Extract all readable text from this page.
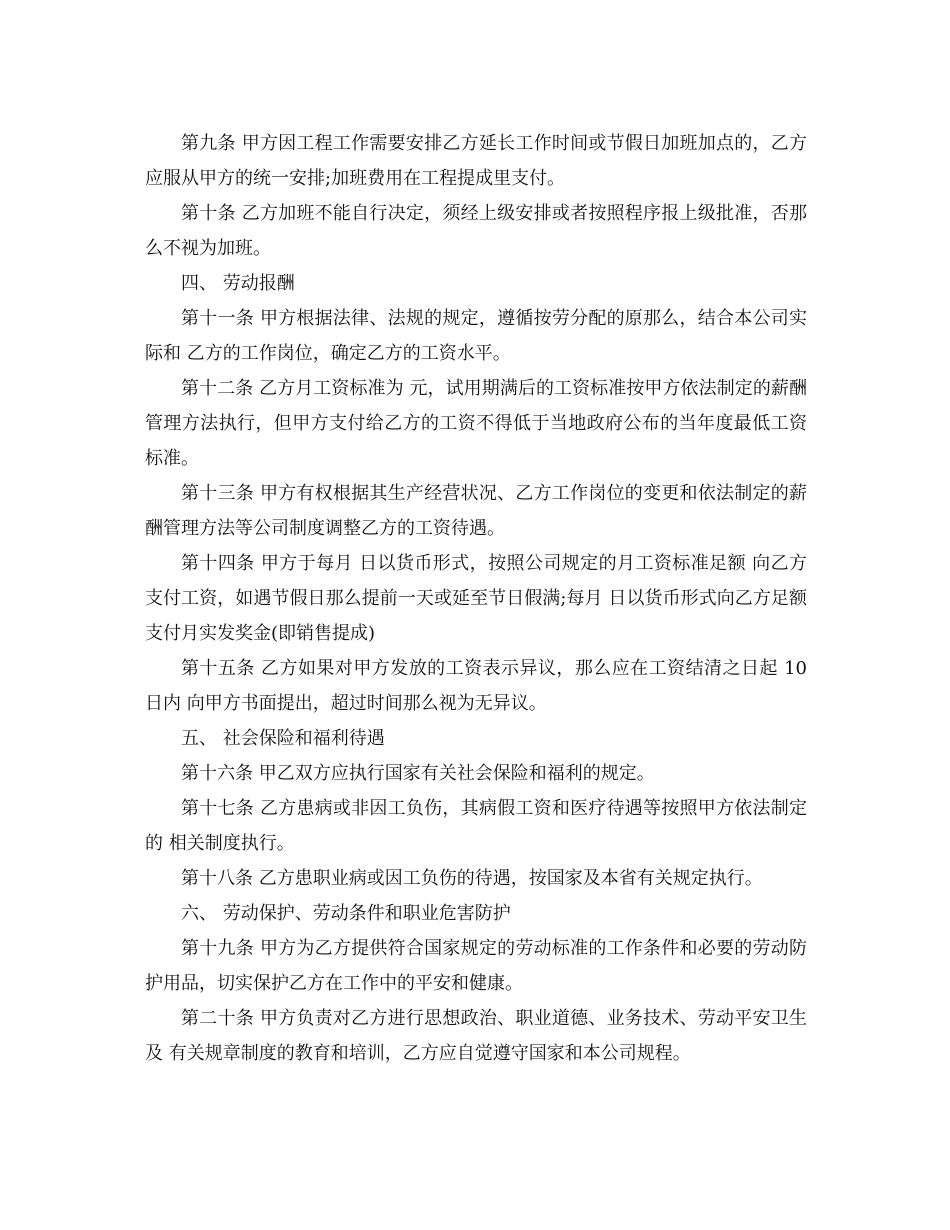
第九条 甲方因工程工作需要安排乙方延长工作时间或节假日加班加点的，乙方应服从甲方的统一安排;加班费用在工程提成里支付。

第十条 乙方加班不能自行决定，须经上级安排或者按照程序报上级批准，否那么不视为加班。

四、 劳动报酬

第十一条 甲方根据法律、法规的规定，遵循按劳分配的原那么，结合本公司实际和 乙方的工作岗位，确定乙方的工资水平。

第十二条 乙方月工资标准为 元，试用期满后的工资标准按甲方依法制定的薪酬管理方法执行，但甲方支付给乙方的工资不得低于当地政府公布的当年度最低工资标准。

第十三条 甲方有权根据其生产经营状况、乙方工作岗位的变更和依法制定的薪酬管理方法等公司制度调整乙方的工资待遇。

第十四条 甲方于每月 日以货币形式，按照公司规定的月工资标准足额 向乙方支付工资，如遇节假日那么提前一天或延至节日假满;每月 日以货币形式向乙方足额支付月实发奖金(即销售提成)

第十五条 乙方如果对甲方发放的工资表示异议，那么应在工资结清之日起 10 日内 向甲方书面提出，超过时间那么视为无异议。

五、 社会保险和福利待遇

第十六条 甲乙双方应执行国家有关社会保险和福利的规定。

第十七条 乙方患病或非因工负伤，其病假工资和医疗待遇等按照甲方依法制定的 相关制度执行。

第十八条 乙方患职业病或因工负伤的待遇，按国家及本省有关规定执行。

六、 劳动保护、劳动条件和职业危害防护

第十九条 甲方为乙方提供符合国家规定的劳动标准的工作条件和必要的劳动防 护用品，切实保护乙方在工作中的平安和健康。

第二十条 甲方负责对乙方进行思想政治、职业道德、业务技术、劳动平安卫生及 有关规章制度的教育和培训，乙方应自觉遵守国家和本公司规程。
